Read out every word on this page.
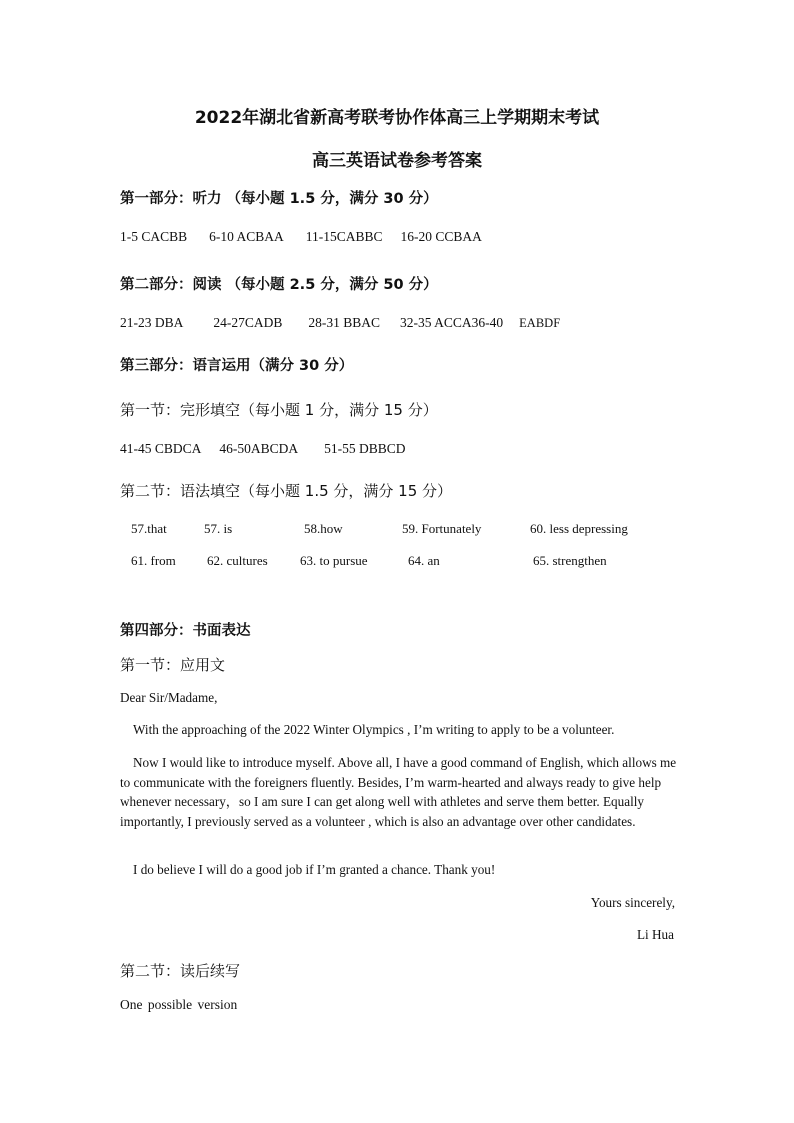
2022年湖北省新高考联考协作体高三上学期期末考试
高三英语试卷参考答案
第一部分：听力 （每小题 1.5 分，满分 30 分）
1-5 CACBB 6-10 ACBAA 11-15CABBC 16-20 CCBAA
第二部分：阅读 （每小题 2.5 分，满分 50 分）
21-23 DBA 24-27CADB 28-31 BBAC 32-35 ACCA36-40 EABDF
第三部分：语言运用（满分 30 分）
第一节：完形填空（每小题 1 分，满分 15 分）
41-45 CBDCA 46-50ABCDA 51-55 DBBCD
第二节：语法填空（每小题 1.5 分，满分 15 分）
57.that	57. is	58.how	59. Fortunately	60. less depressing
61. from 62. cultures 63. to pursue	64. an	65. strengthen
第四部分：书面表达
第一节：应用文
Dear Sir/Madame,
With the approaching of the 2022 Winter Olympics , I’m writing to apply to be a volunteer.
Now I would like to introduce myself. Above all, I have a good command of English, which allows me to communicate with the foreigners fluently. Besides, I’m warm-hearted and always ready to give help whenever necessary，so I am sure I can get along well with athletes and serve them better. Equally importantly, I previously served as a volunteer , which is also an advantage over other candidates.
I do believe I will do a good job if I’m granted a chance. Thank you!
Yours sincerely,
Li Hua
第二节：读后续写
One possible version
